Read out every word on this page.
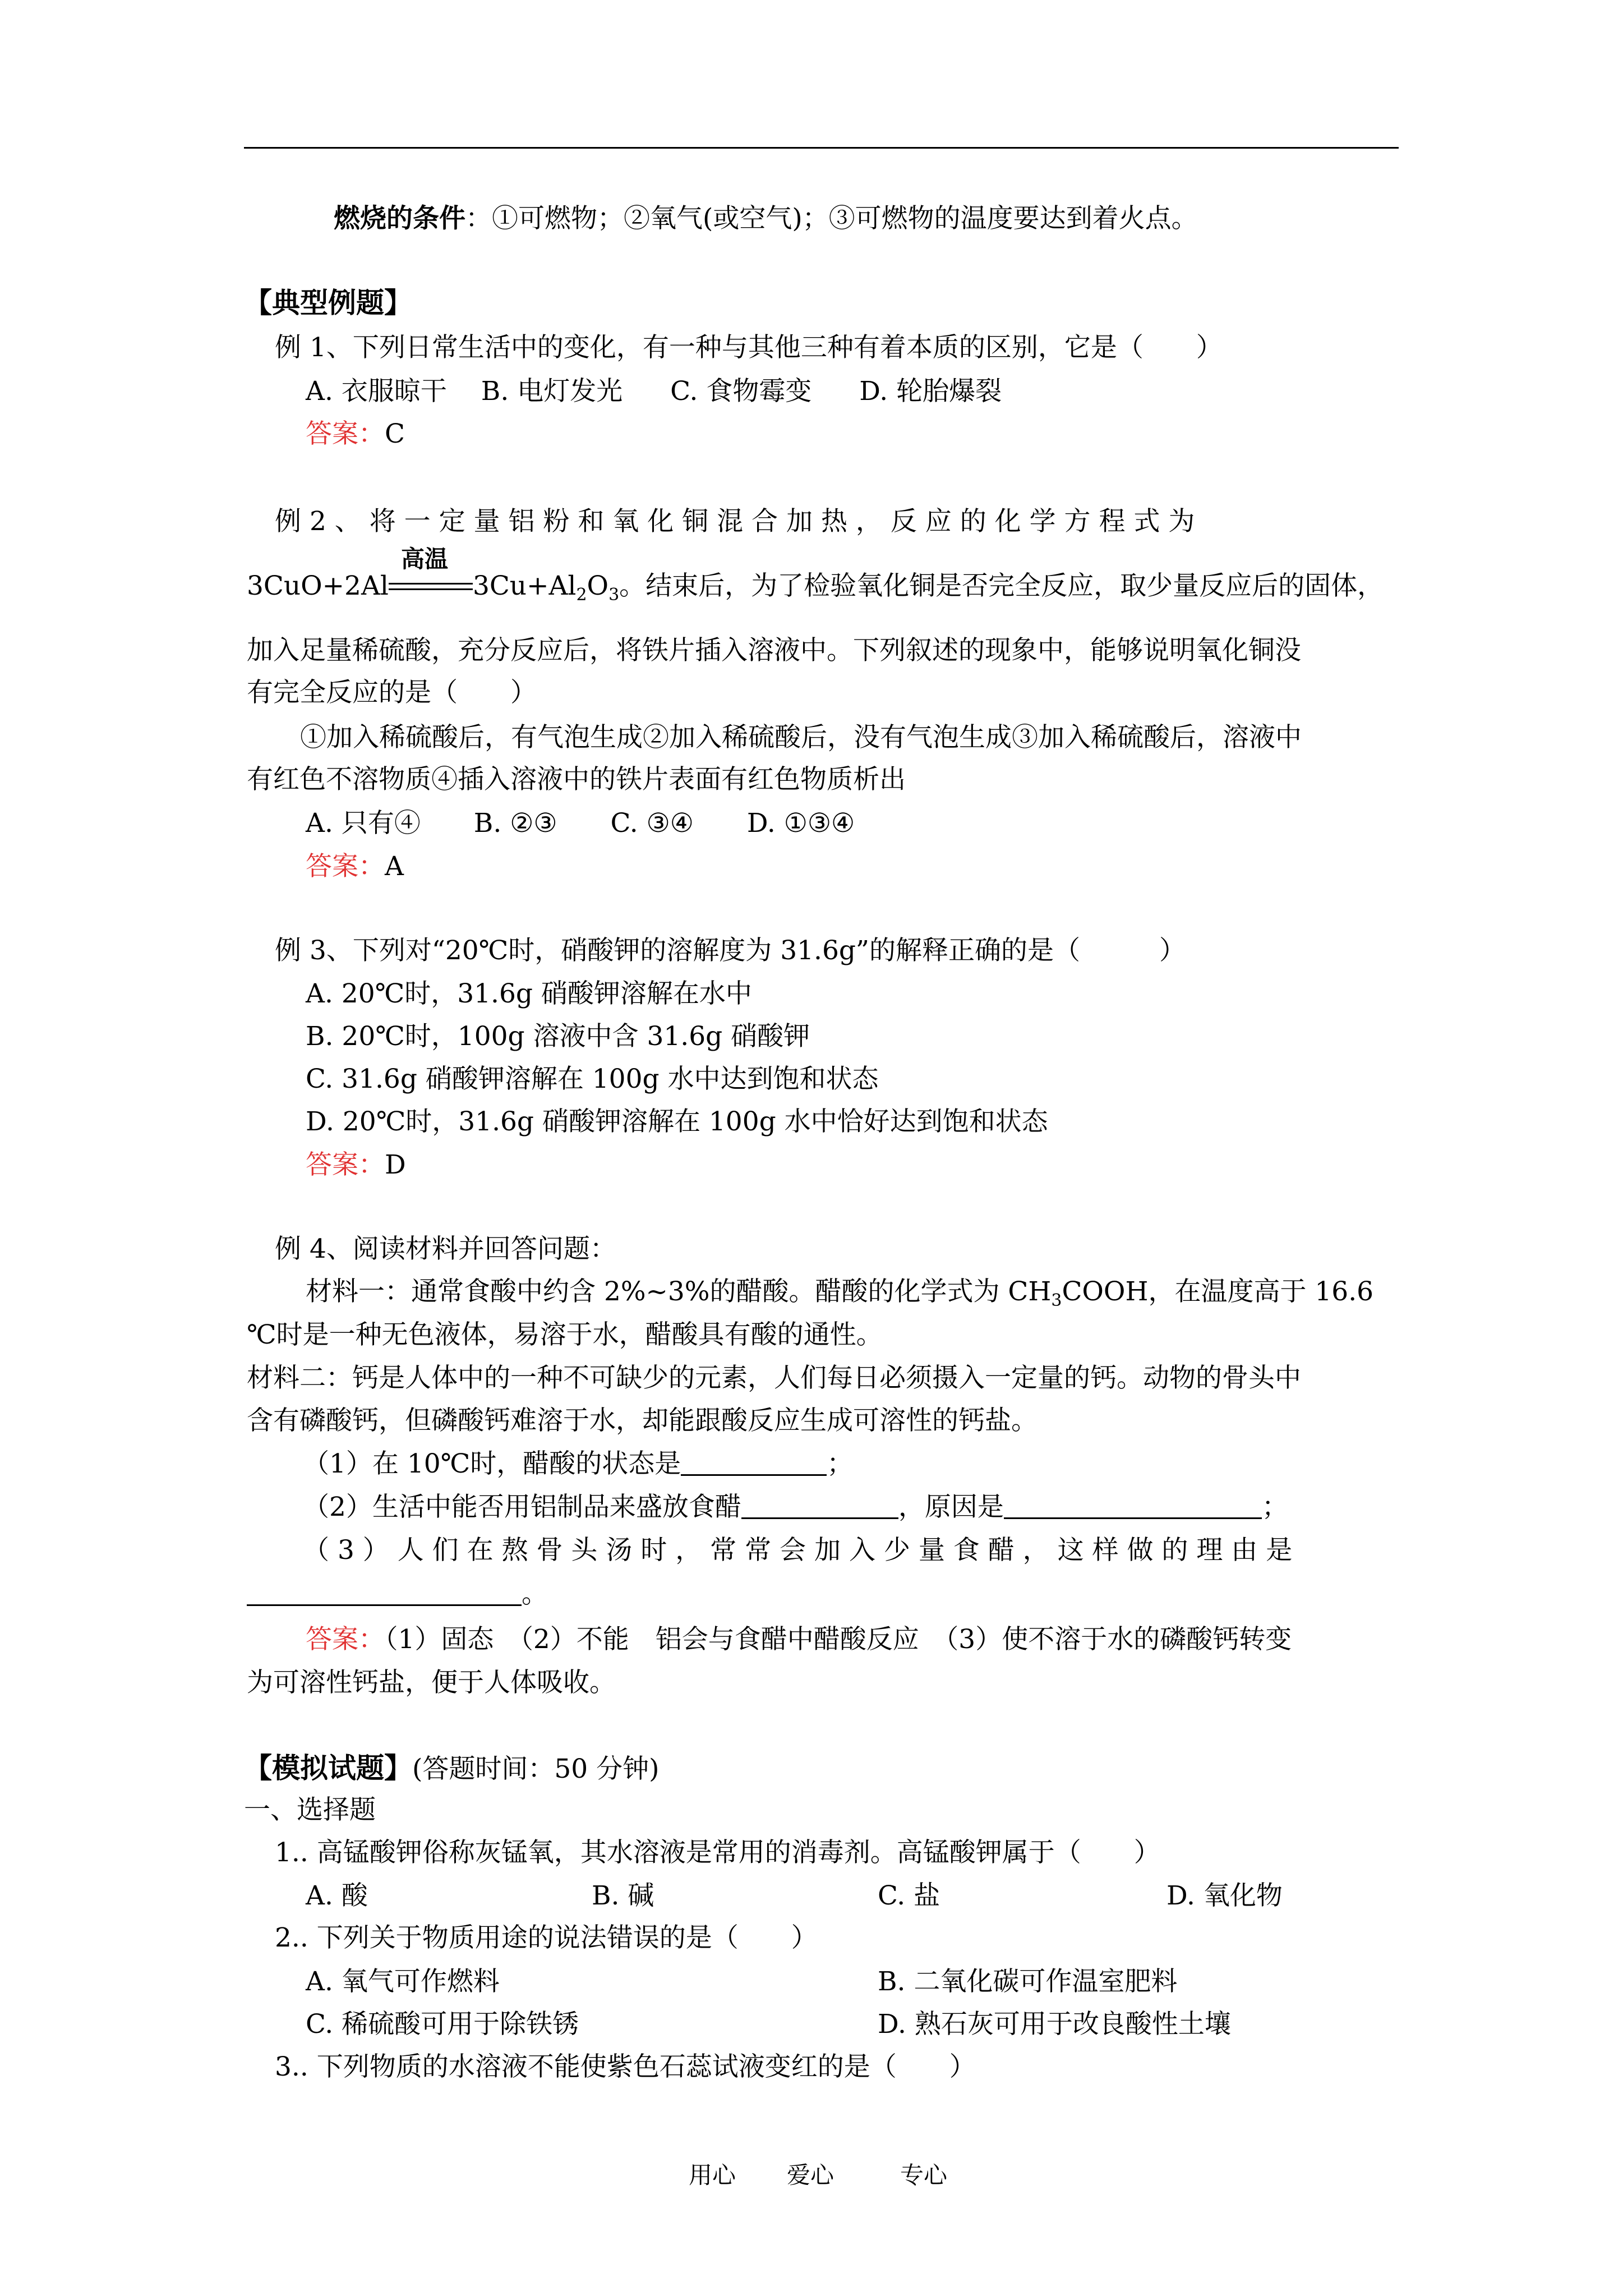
燃烧的条件：①可燃物；②氧气(或空气)；③可燃物的温度要达到着火点。
【典型例题】
例 1、下列日常生活中的变化，有一种与其他三种有着本质的区别，它是（　　）
A. 衣服晾干 B. 电灯发光 C. 食物霉变 D. 轮胎爆裂
答案：C
例 2 、 将 一 定 量 铝 粉 和 氧 化 铜 混 合 加 热 ， 反 应 的 化 学 方 程 式 为
3CuO+2Al
高温
$3Cu+Al_2O_3$。结束后，为了检验氧化铜是否完全反应，取少量反应后的固体，
加入足量稀硫酸，充分反应后，将铁片插入溶液中。下列叙述的现象中，能够说明氧化铜没
有完全反应的是（　　）
①加入稀硫酸后，有气泡生成②加入稀硫酸后，没有气泡生成③加入稀硫酸后，溶液中
有红色不溶物质④插入溶液中的铁片表面有红色物质析出
A. 只有④ B. ②③ C. ③④ D. ①③④
答案：A
例 3、下列对“20℃时，硝酸钾的溶解度为 31.6g”的解释正确的是（　　　）
A. 20℃时，31.6g 硝酸钾溶解在水中
B. 20℃时，100g 溶液中含 31.6g 硝酸钾
C. 31.6g 硝酸钾溶解在 100g 水中达到饱和状态
D. 20℃时，31.6g 硝酸钾溶解在 100g 水中恰好达到饱和状态
答案：D
例 4、阅读材料并回答问题：
材料一：通常食酸中约含 2%~3%的醋酸。醋酸的化学式为 $CH_3COOH$，在温度高于 16.6
℃时是一种无色液体，易溶于水，醋酸具有酸的通性。
材料二：钙是人体中的一种不可缺少的元素，人们每日必须摄入一定量的钙。动物的骨头中
含有磷酸钙，但磷酸钙难溶于水，却能跟酸反应生成可溶性的钙盐。
（1）在 10℃时，醋酸的状态是	；
（2）生活中能否用铝制品来盛放食醋	，原因是	；
（ 3 ） 人 们 在 熬 骨 头 汤 时 ， 常 常 会 加 入 少 量 食 醋 ， 这 样 做 的 理 由 是
。
答案：（1）固态　（2）不能　铝会与食醋中醋酸反应　（3）使不溶于水的磷酸钙转变
为可溶性钙盐，便于人体吸收。
【模拟试题】(答题时间：50 分钟)
一、选择题
1.. 高锰酸钾俗称灰锰氧，其水溶液是常用的消毒剂。高锰酸钾属于（　　）
A. 酸	B. 碱	C. 盐	D. 氧化物
2.. 下列关于物质用途的说法错误的是（　　）
A. 氧气可作燃料	B. 二氧化碳可作温室肥料
C. 稀硫酸可用于除铁锈	D. 熟石灰可用于改良酸性土壤
3.. 下列物质的水溶液不能使紫色石蕊试液变红的是（　　）
用心 爱心	专心
